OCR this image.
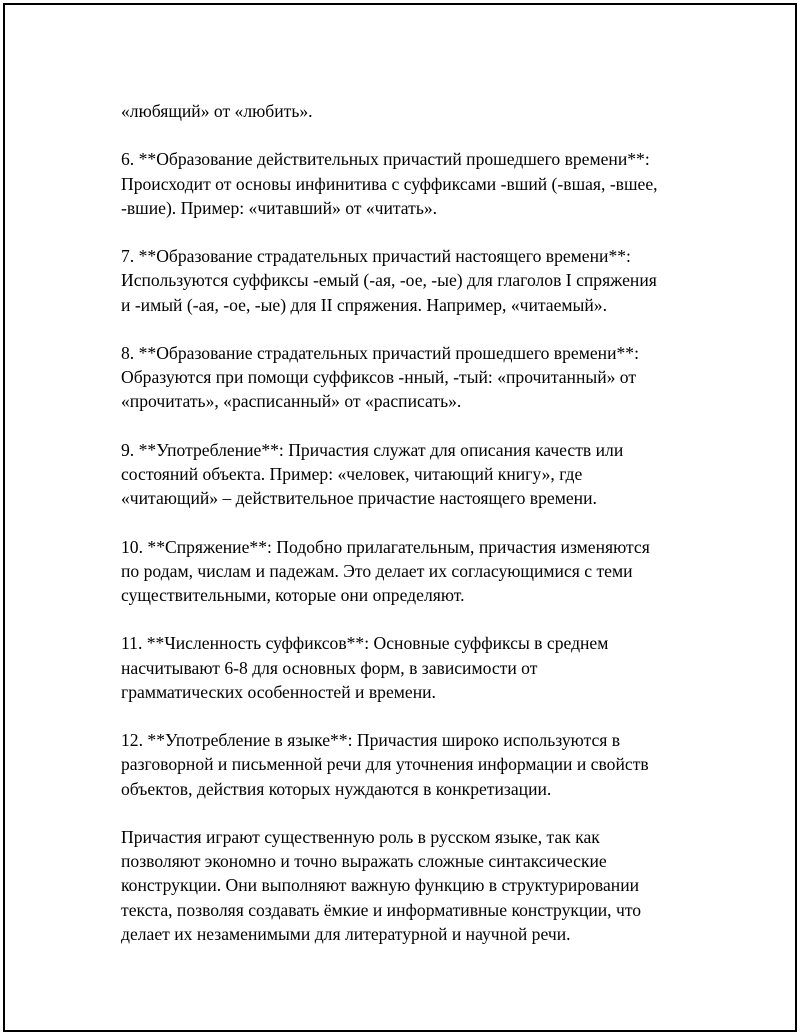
«любящий» от «любить».

6. **Образование действительных причастий прошедшего времени**:
Происходит от основы инфинитива с суффиксами -вший (-вшая, -вшее,
-вшие). Пример: «читавший» от «читать».

7. **Образование страдательных причастий настоящего времени**:
Используются суффиксы -емый (-ая, -ое, -ые) для глаголов I спряжения
и -имый (-ая, -ое, -ые) для II спряжения. Например, «читаемый».

8. **Образование страдательных причастий прошедшего времени**:
Образуются при помощи суффиксов -нный, -тый: «прочитанный» от
«прочитать», «расписанный» от «расписать».

9. **Употребление**: Причастия служат для описания качеств или
состояний объекта. Пример: «человек, читающий книгу», где
«читающий» – действительное причастие настоящего времени.

10. **Спряжение**: Подобно прилагательным, причастия изменяются
по родам, числам и падежам. Это делает их согласующимися с теми
существительными, которые они определяют.

11. **Численность суффиксов**: Основные суффиксы в среднем
насчитывают 6-8 для основных форм, в зависимости от
грамматических особенностей и времени.

12. **Употребление в языке**: Причастия широко используются в
разговорной и письменной речи для уточнения информации и свойств
объектов, действия которых нуждаются в конкретизации.

Причастия играют существенную роль в русском языке, так как
позволяют экономно и точно выражать сложные синтаксические
конструкции. Они выполняют важную функцию в структурировании
текста, позволяя создавать ёмкие и информативные конструкции, что
делает их незаменимыми для литературной и научной речи.
